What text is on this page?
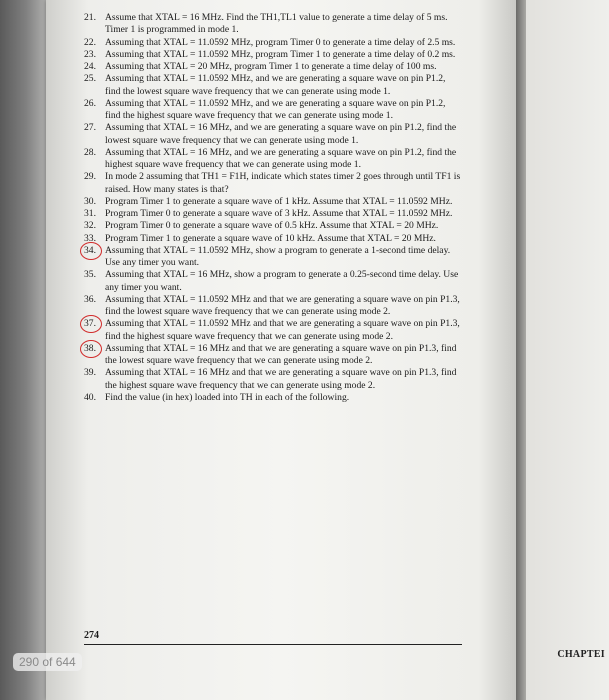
CHAPTEI
21. Assume that XTAL = 16 MHz. Find the TH1,TL1 value to generate a time delay of 5 ms. Timer 1 is programmed in mode 1.
22. Assuming that XTAL = 11.0592 MHz, program Timer 0 to generate a time delay of 2.5 ms.
23. Assuming that XTAL = 11.0592 MHz, program Timer 1 to generate a time delay of 0.2 ms.
24. Assuming that XTAL = 20 MHz, program Timer 1 to generate a time delay of 100 ms.
25. Assuming that XTAL = 11.0592 MHz, and we are generating a square wave on pin P1.2, find the lowest square wave frequency that we can generate using mode 1.
26. Assuming that XTAL = 11.0592 MHz, and we are generating a square wave on pin P1.2, find the highest square wave frequency that we can generate using mode 1.
27. Assuming that XTAL = 16 MHz, and we are generating a square wave on pin P1.2, find the lowest square wave frequency that we can generate using mode 1.
28. Assuming that XTAL = 16 MHz, and we are generating a square wave on pin P1.2, find the highest square wave frequency that we can generate using mode 1.
29. In mode 2 assuming that TH1 = F1H, indicate which states timer 2 goes through until TF1 is raised. How many states is that?
30. Program Timer 1 to generate a square wave of 1 kHz. Assume that XTAL = 11.0592 MHz.
31. Program Timer 0 to generate a square wave of 3 kHz. Assume that XTAL = 11.0592 MHz.
32. Program Timer 0 to generate a square wave of 0.5 kHz. Assume that XTAL = 20 MHz.
33. Program Timer 1 to generate a square wave of 10 kHz. Assume that XTAL = 20 MHz.
34. Assuming that XTAL = 11.0592 MHz, show a program to generate a 1-second time delay. Use any timer you want.
35. Assuming that XTAL = 16 MHz, show a program to generate a 0.25-second time delay. Use any timer you want.
36. Assuming that XTAL = 11.0592 MHz and that we are generating a square wave on pin P1.3, find the lowest square wave frequency that we can generate using mode 2.
37. Assuming that XTAL = 11.0592 MHz and that we are generating a square wave on pin P1.3, find the highest square wave frequency that we can generate using mode 2.
38. Assuming that XTAL = 16 MHz and that we are generating a square wave on pin P1.3, find the lowest square wave frequency that we can generate using mode 2.
39. Assuming that XTAL = 16 MHz and that we are generating a square wave on pin P1.3, find the highest square wave frequency that we can generate using mode 2.
40. Find the value (in hex) loaded into TH in each of the following.
274
290 of 644
